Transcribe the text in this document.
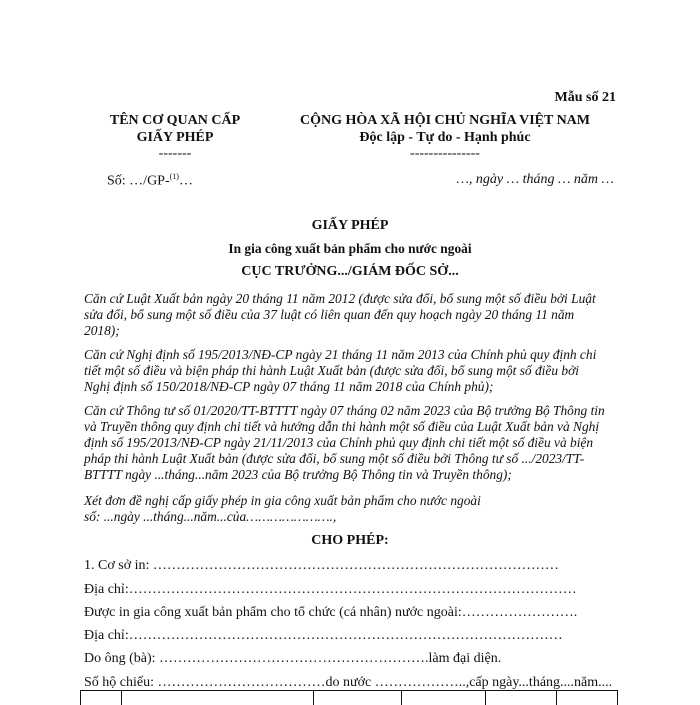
Mẫu số 21
TÊN CƠ QUAN CẤP
GIẤY PHÉP
-------
Số: …/GP-$^{(1)}$…
CỘNG HÒA XÃ HỘI CHỦ NGHĨA VIỆT NAM
Độc lập - Tự do - Hạnh phúc
---------------
…, ngày … tháng … năm …
GIẤY PHÉP
In gia công xuất bản phẩm cho nước ngoài
CỤC TRƯỞNG.../GIÁM ĐỐC SỞ...
Căn cứ Luật Xuất bản ngày 20 tháng 11 năm 2012 (được sửa đổi, bổ sung một số điều bởi Luật
sửa đổi, bổ sung một số điều của 37 luật có liên quan đến quy hoạch ngày 20 tháng 11 năm
2018);
Căn cứ Nghị định số 195/2013/NĐ-CP ngày 21 tháng 11 năm 2013 của Chính phủ quy định chi
tiết một số điều và biện pháp thi hành Luật Xuất bản (được sửa đổi, bổ sung một số điều bởi
Nghị định số 150/2018/NĐ-CP ngày 07 tháng 11 năm 2018 của Chính phủ);
Căn cứ Thông tư số 01/2020/TT-BTTTT ngày 07 tháng 02 năm 2023 của Bộ trưởng Bộ Thông tin
và Truyền thông quy định chi tiết và hướng dẫn thi hành một số điều của Luật Xuất bản và Nghị
định số 195/2013/NĐ-CP ngày 21/11/2013 của Chính phủ quy định chi tiết một số điều và biện
pháp thi hành Luật Xuất bản (được sửa đổi, bổ sung một số điều bởi Thông tư số .../2023/TT-
BTTTT ngày ...tháng...năm 2023 của Bộ trưởng Bộ Thông tin và Truyền thông);
Xét đơn đề nghị cấp giấy phép in gia công xuất bản phẩm cho nước ngoài
số: ...ngày ...tháng...năm...của………………….,
CHO PHÉP:
1. Cơ sở in: ……………………………………………………………………………
Địa chỉ:……………………………………………………………………………………
Được in gia công xuất bản phẩm cho tổ chức (cá nhân) nước ngoài:…………………….
Địa chỉ:…………………………………………………………………………………
Do ông (bà): ………………………………………………….làm đại diện.
Số hộ chiếu: ………………………………do nước ………………..,cấp ngày...tháng....năm....
